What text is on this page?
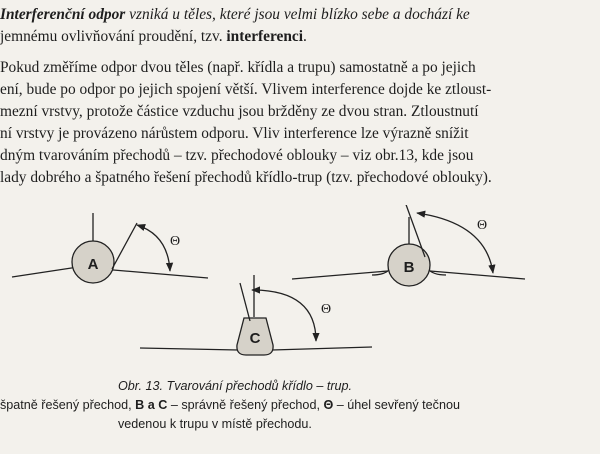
Interferenční odpor vzniká u těles, které jsou velmi blízko sebe a dochází ke
jemnému ovlivňování proudění, tzv. interferenci.
Pokud změříme odpor dvou těles (např. křídla a trupu) samostatně a po jejich
ení, bude po odpor po jejich spojení větší. Vlivem interference dojde ke ztloust-
mezní vrstvy, protože částice vzduchu jsou bržděny ze dvou stran. Ztloustnutí
ní vrstvy je provázeno nárůstem odporu. Vliv interference lze výrazně snížit
dným tvarováním přechodů – tzv. přechodové oblouky – viz obr.13, kde jsou
lady dobrého a špatného řešení přechodů křídlo-trup (tzv. přechodové oblouky).
A
Θ
B
Θ
C
Θ
Obr. 13. Tvarování přechodů křídlo – trup.
špatně řešený přechod, B a C – správně řešený přechod, Θ – úhel sevřený tečnou
vedenou k trupu v místě přechodu.
